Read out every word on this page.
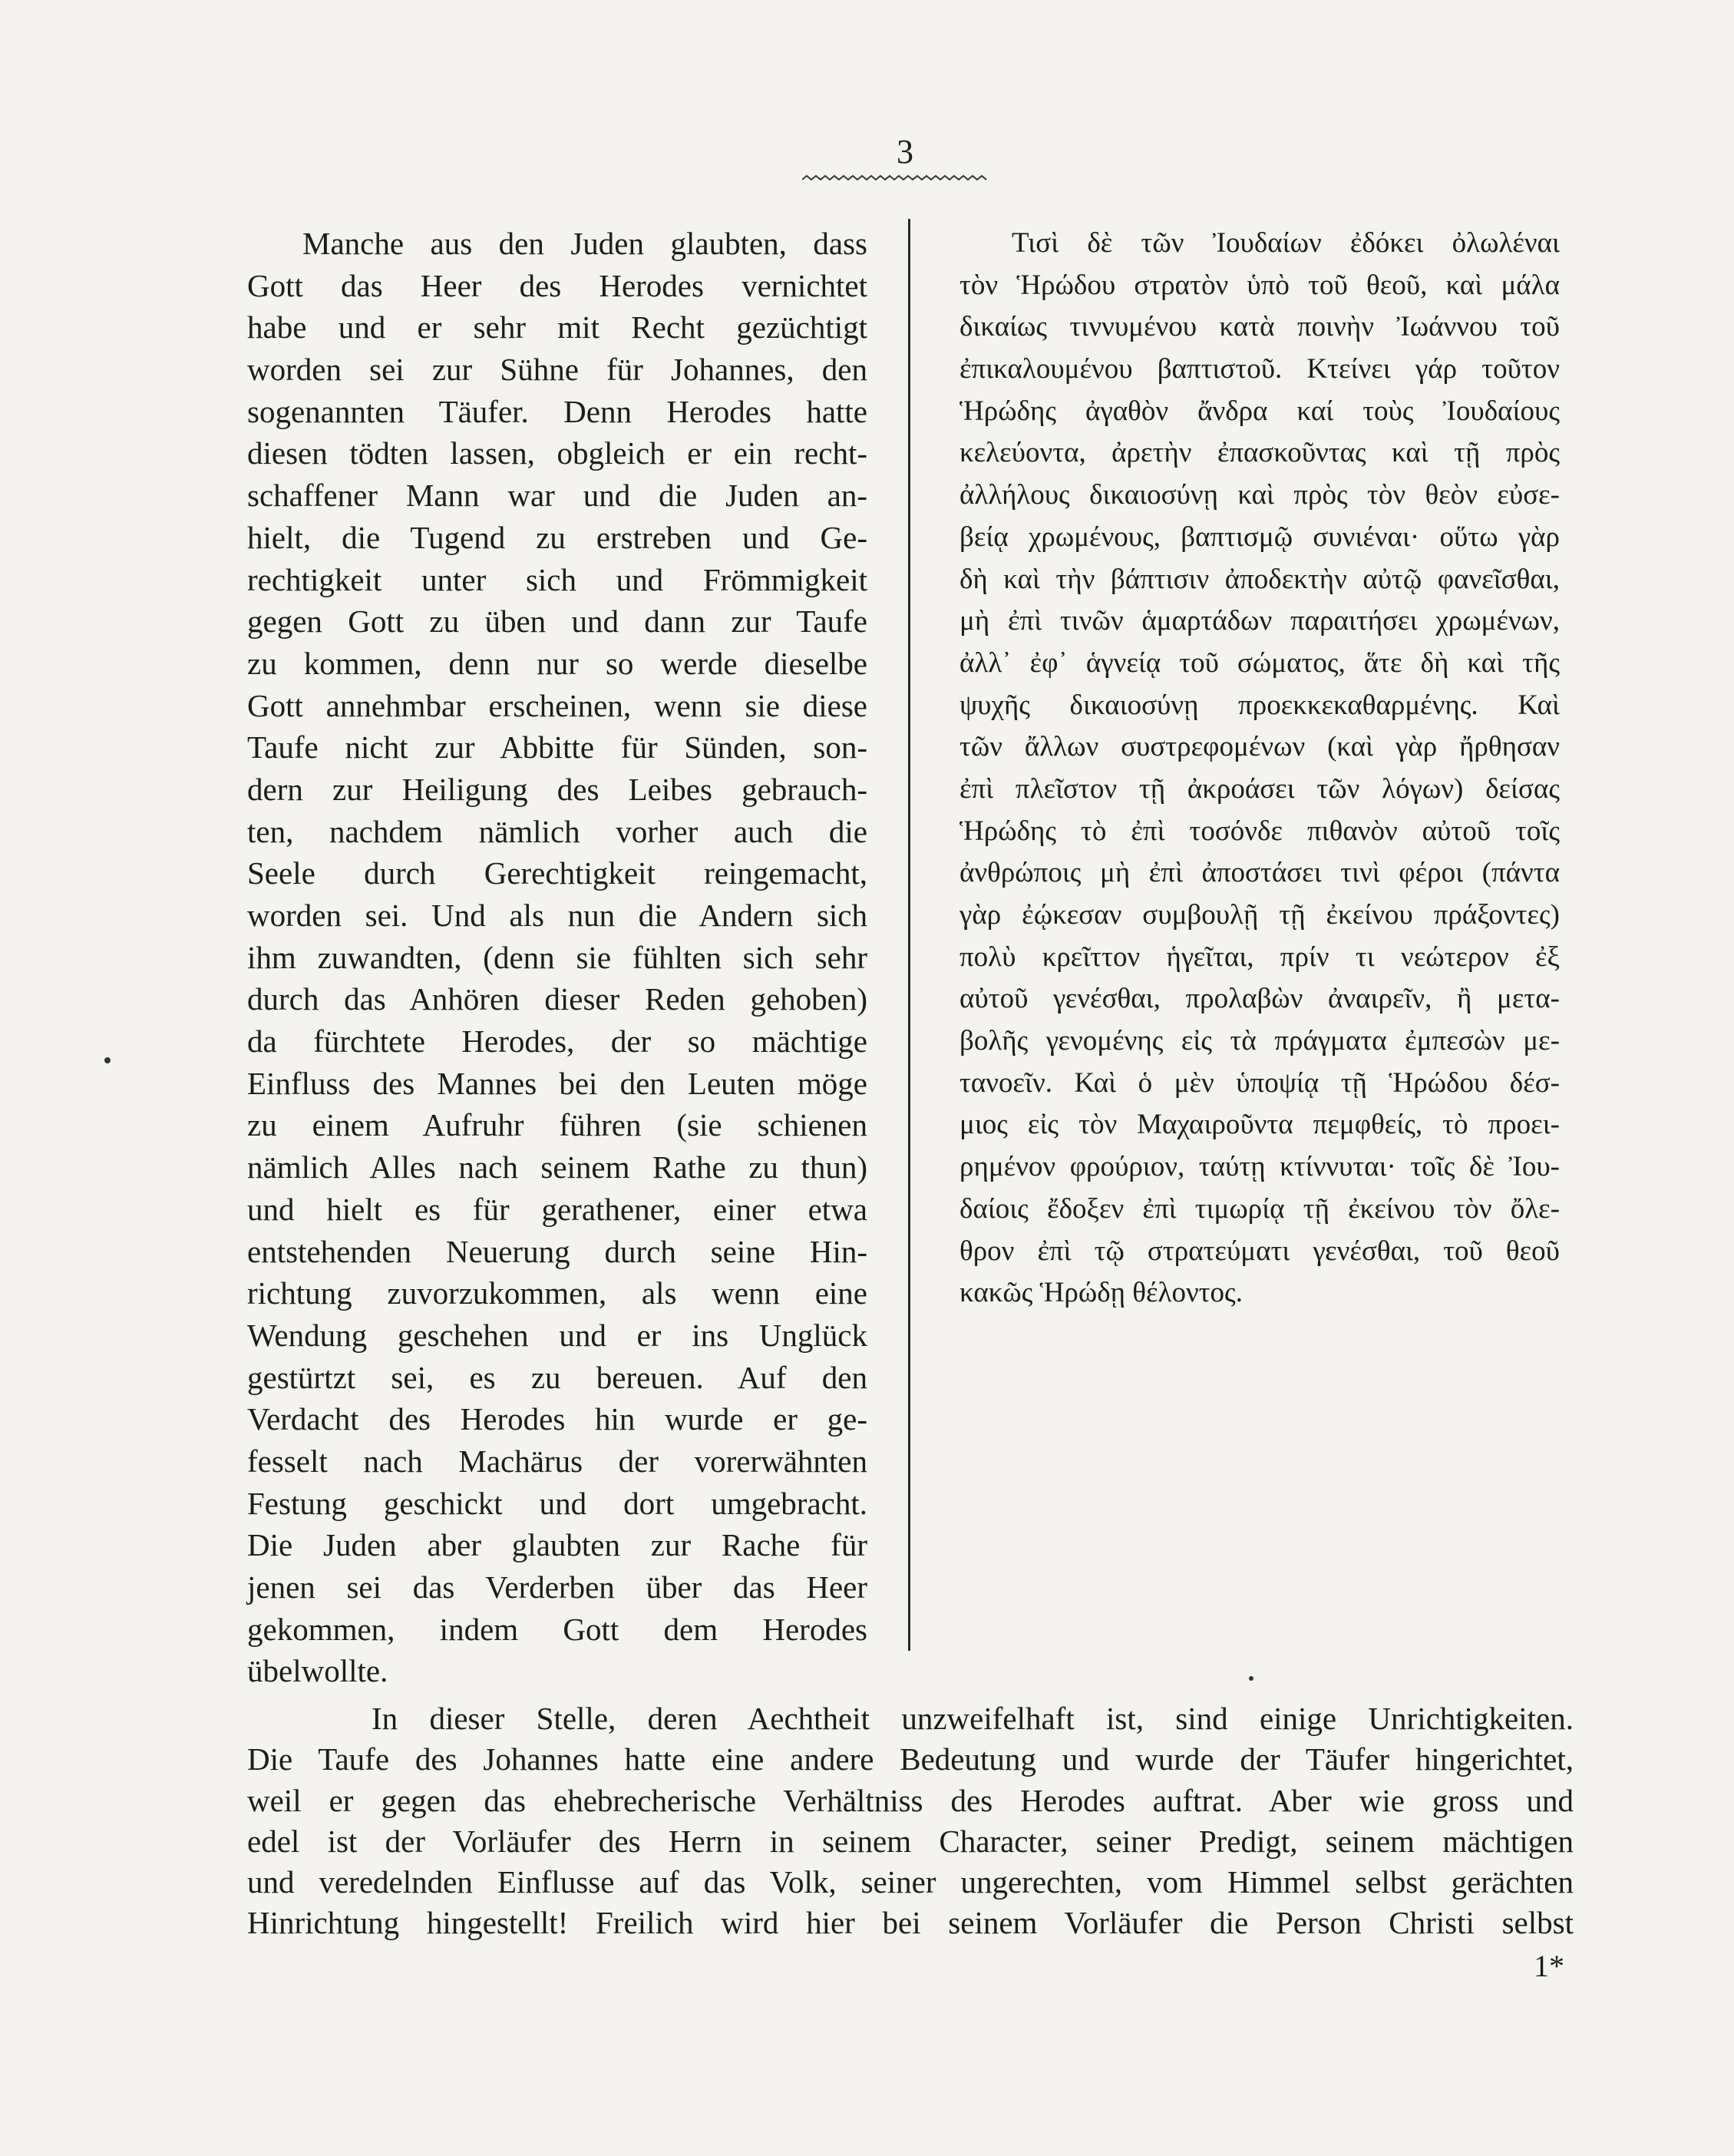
3
Manche aus den Juden glaubten, dass
Gott das Heer des Herodes vernichtet
habe und er sehr mit Recht gezüchtigt
worden sei zur Sühne für Johannes, den
sogenannten Täufer. Denn Herodes hatte
diesen tödten lassen, obgleich er ein recht-
schaffener Mann war und die Juden an-
hielt, die Tugend zu erstreben und Ge-
rechtigkeit unter sich und Frömmigkeit
gegen Gott zu üben und dann zur Taufe
zu kommen, denn nur so werde dieselbe
Gott annehmbar erscheinen, wenn sie diese
Taufe nicht zur Abbitte für Sünden, son-
dern zur Heiligung des Leibes gebrauch-
ten, nachdem nämlich vorher auch die
Seele durch Gerechtigkeit reingemacht,
worden sei. Und als nun die Andern sich
ihm zuwandten, (denn sie fühlten sich sehr
durch das Anhören dieser Reden gehoben)
da fürchtete Herodes, der so mächtige
Einfluss des Mannes bei den Leuten möge
zu einem Aufruhr führen (sie schienen
nämlich Alles nach seinem Rathe zu thun)
und hielt es für gerathener, einer etwa
entstehenden Neuerung durch seine Hin-
richtung zuvorzukommen, als wenn eine
Wendung geschehen und er ins Unglück
gestürtzt sei, es zu bereuen. Auf den
Verdacht des Herodes hin wurde er ge-
fesselt nach Machärus der vorerwähnten
Festung geschickt und dort umgebracht.
Die Juden aber glaubten zur Rache für
jenen sei das Verderben über das Heer
gekommen, indem Gott dem Herodes
übelwollte.
Τισὶ δὲ τῶν Ἰουδαίων ἐδόκει ὀλωλέναι
τὸν Ἡρώδου στρατὸν ὑπὸ τοῦ θεοῦ, καὶ μάλα
δικαίως τιννυμένου κατὰ ποινὴν Ἰωάννου τοῦ
ἐπικαλουμένου βαπτιστοῦ. Κτείνει γάρ τοῦτον
Ἡρώδης ἀγαθὸν ἄνδρα καί τοὺς Ἰουδαίους
κελεύοντα, ἀρετὴν ἐπασκοῦντας καὶ τῇ πρὸς
ἀλλήλους δικαιοσύνῃ καὶ πρὸς τὸν θεὸν εὐσε-
βείᾳ χρωμένους, βαπτισμῷ συνιέναι· οὕτω γὰρ
δὴ καὶ τὴν βάπτισιν ἀποδεκτὴν αὐτῷ φανεῖσθαι,
μὴ ἐπὶ τινῶν ἁμαρτάδων παραιτήσει χρωμένων,
ἀλλ᾽ ἐφ᾽ ἁγνείᾳ τοῦ σώματος, ἅτε δὴ καὶ τῆς
ψυχῆς δικαιοσύνῃ προεκκεκαθαρμένης. Καὶ
τῶν ἄλλων συστρεφομένων (καὶ γὰρ ἤρθησαν
ἐπὶ πλεῖστον τῇ ἀκροάσει τῶν λόγων) δείσας
Ἡρώδης τὸ ἐπὶ τοσόνδε πιθανὸν αὐτοῦ τοῖς
ἀνθρώποις μὴ ἐπὶ ἀποστάσει τινὶ φέροι (πάντα
γὰρ ἐῴκεσαν συμβουλῇ τῇ ἐκείνου πράξοντες)
πολὺ κρεῖττον ἡγεῖται, πρίν τι νεώτερον ἐξ
αὐτοῦ γενέσθαι, προλαβὼν ἀναιρεῖν, ἢ μετα-
βολῆς γενομένης εἰς τὰ πράγματα ἐμπεσὼν με-
τανοεῖν. Καὶ ὁ μὲν ὑποψίᾳ τῇ Ἡρώδου δέσ-
μιος εἰς τὸν Μαχαιροῦντα πεμφθείς, τὸ προει-
ρημένον φρούριον, ταύτῃ κτίννυται· τοῖς δὲ Ἰου-
δαίοις ἔδοξεν ἐπὶ τιμωρίᾳ τῇ ἐκείνου τὸν ὄλε-
θρον ἐπὶ τῷ στρατεύματι γενέσθαι, τοῦ θεοῦ
κακῶς Ἡρώδῃ θέλοντος.
In dieser Stelle, deren Aechtheit unzweifelhaft ist, sind einige Unrichtigkeiten.
Die Taufe des Johannes hatte eine andere Bedeutung und wurde der Täufer hingerichtet,
weil er gegen das ehebrecherische Verhältniss des Herodes auftrat. Aber wie gross und
edel ist der Vorläufer des Herrn in seinem Character, seiner Predigt, seinem mächtigen
und veredelnden Einflusse auf das Volk, seiner ungerechten, vom Himmel selbst gerächten
Hinrichtung hingestellt! Freilich wird hier bei seinem Vorläufer die Person Christi selbst
1*
